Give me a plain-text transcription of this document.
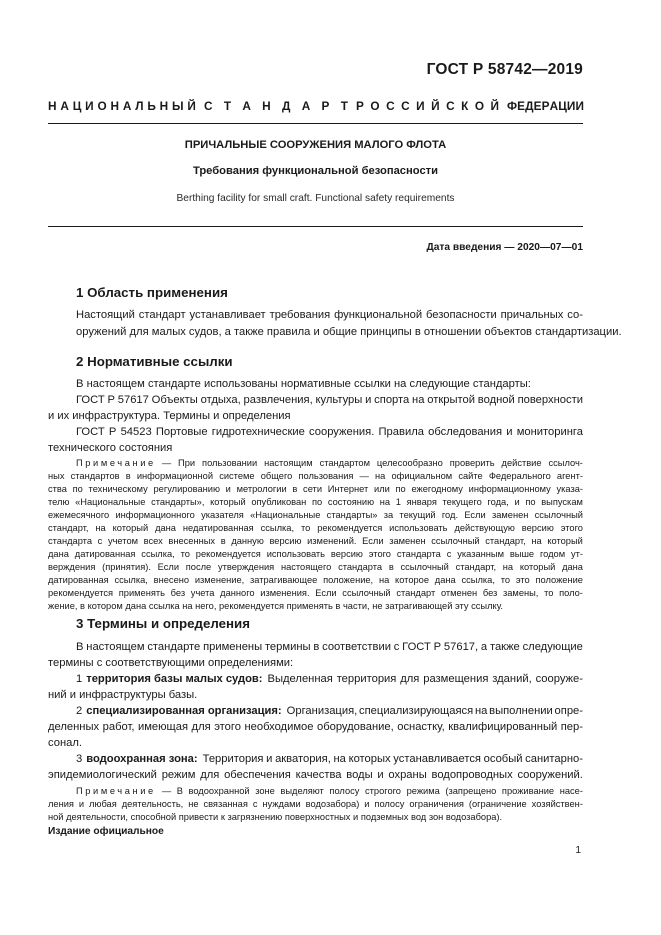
ГОСТ Р 58742—2019
Н А Ц И О Н А Л Ь Н Ы Й С Т А Н Д А Р Т Р О С С И Й С К О Й Ф Е Д Е Р А Ц И И
ПРИЧАЛЬНЫЕ СООРУЖЕНИЯ МАЛОГО ФЛОТА
Требования функциональной безопасности
Berthing facility for small craft. Functional safety requirements
Дата введения — 2020—07—01
1 Область применения
Настоящий стандарт устанавливает требования функциональной безопасности причальных со-
оружений для малых судов, а также правила и общие принципы в отношении объектов стандартизации.
2 Нормативные ссылки
В настоящем стандарте использованы нормативные ссылки на следующие стандарты:
ГОСТ Р 57617 Объекты отдыха, развлечения, культуры и спорта на открытой водной поверхности
и их инфраструктура. Термины и определения
ГОСТ Р 54523 Портовые гидротехнические сооружения. Правила обследования и мониторинга
технического состояния
Примечание — При пользовании настоящим стандартом целесообразно проверить действие ссылоч-
ных стандартов в информационной системе общего пользования — на официальном сайте Федерального агент-
ства по техническому регулированию и метрологии в сети Интернет или по ежегодному информационному указа-
телю «Национальные стандарты», который опубликован по состоянию на 1 января текущего года, и по выпускам
ежемесячного информационного указателя «Национальные стандарты» за текущий год. Если заменен ссылочный
стандарт, на который дана недатированная ссылка, то рекомендуется использовать действующую версию этого
стандарта с учетом всех внесенных в данную версию изменений. Если заменен ссылочный стандарт, на который
дана датированная ссылка, то рекомендуется использовать версию этого стандарта с указанным выше годом ут-
верждения (принятия). Если после утверждения настоящего стандарта в ссылочный стандарт, на который дана
датированная ссылка, внесено изменение, затрагивающее положение, на которое дана ссылка, то это положение
рекомендуется применять без учета данного изменения. Если ссылочный стандарт отменен без замены, то поло-
жение, в котором дана ссылка на него, рекомендуется применять в части, не затрагивающей эту ссылку.
3 Термины и определения
В настоящем стандарте применены термины в соответствии с ГОСТ Р 57617, а также следующие
термины с соответствующими определениями:
1 территория базы малых судов: Выделенная территория для размещения зданий, сооруже-
ний и инфраструктуры базы.
2 специализированная организация: Организация, специализирующаяся на выполнении опре-
деленных работ, имеющая для этого необходимое оборудование, оснастку, квалифицированный пер-
сонал.
3 водоохранная зона: Территория и акватория, на которых устанавливается особый санитарно-
эпидемиологический режим для обеспечения качества воды и охраны водопроводных сооружений.
Примечание — В водоохранной зоне выделяют полосу строгого режима (запрещено проживание насе-
ления и любая деятельность, не связанная с нуждами водозабора) и полосу ограничения (ограничение хозяйствен-
ной деятельности, способной привести к загрязнению поверхностных и подземных вод зон водозабора).
Издание официальное
1
